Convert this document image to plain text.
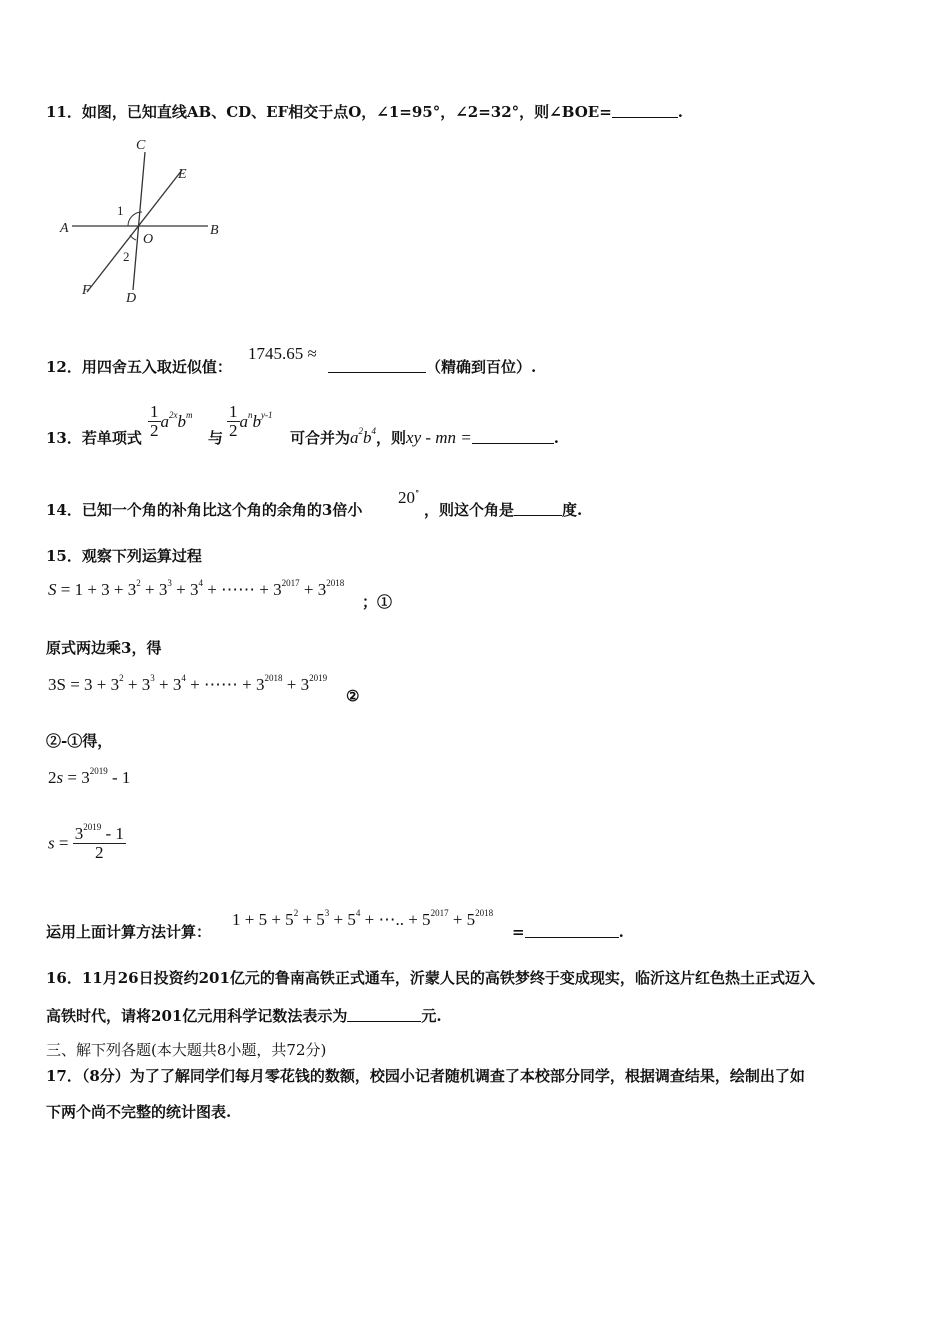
11．如图，已知直线AB、CD、EF相交于点O，∠1=95°，∠2=32°，则∠BOE=	.
C
E
A	B
O
F
D
1
2
12．用四舍五入取近似值：
1745.65 ≈
（精确到百位）.
13．若单项式 $\frac{1}{2} a^{2x}b^m$
与 $\frac{1}{2} a^nb^{y-1}$
可合并为$a^2b^4$，则xy - mn =	.
14．已知一个角的补角比这个角的余角的3倍小
20∘
，则这个角是	度.
15．观察下列运算过程
$S = 1 + 3 + 3^2 + 3^3 + 3^4$ + ⋯⋯ + $3^{2017} + 3^{2018}$
；①
原式两边乘3，得
$3S = 3 + 3^2 + 3^3 + 3^4$ + ⋯⋯ + $3^{2018} + 3^{2019}$
②
②-①得，
$2s = 3^{2019} - 1$
$s = \frac{3^{2019} - 1}{2}$
运用上面计算方法计算：
$1 + 5 + 5^2 + 5^3 + 5^4$ + ⋯.. + $5^{2017} + 5^{2018}$
=	.
16．11月26日投资约201亿元的鲁南高铁正式通车，沂蒙人民的高铁梦终于变成现实，临沂这片红色热土正式迈入
高铁时代，请将201亿元用科学记数法表示为	元.
三、解下列各题(本大题共8小题，共72分)
17．（8分）为了了解同学们每月零花钱的数额，校园小记者随机调查了本校部分同学，根据调查结果，绘制出了如
下两个尚不完整的统计图表.
